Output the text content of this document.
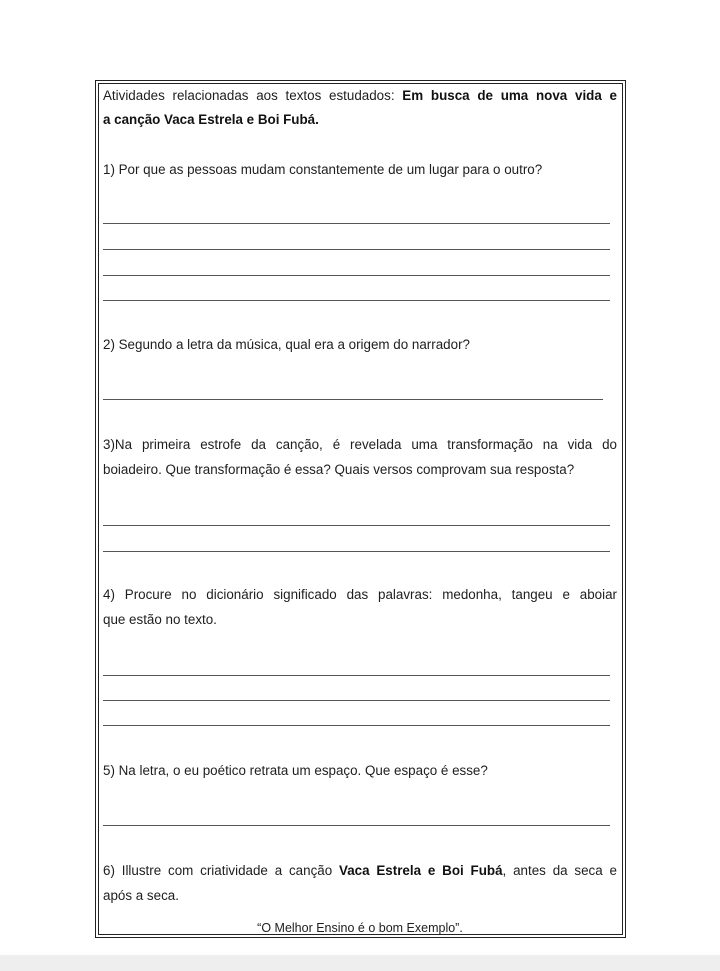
Atividades relacionadas aos textos estudados: Em busca de uma nova vida e
a canção Vaca Estrela e Boi Fubá.
1) Por que as pessoas mudam constantemente de um lugar para o outro?
2) Segundo a letra da música, qual era a origem do narrador?
3)Na primeira estrofe da canção, é revelada uma transformação na vida do
boiadeiro. Que transformação é essa? Quais versos comprovam sua resposta?
4) Procure no dicionário significado das palavras: medonha, tangeu e aboiar
que estão no texto.
5) Na letra, o eu poético retrata um espaço. Que espaço é esse?
6) Illustre com criatividade a canção Vaca Estrela e Boi Fubá, antes da seca e
após a seca.
“O Melhor Ensino é o bom Exemplo”.
